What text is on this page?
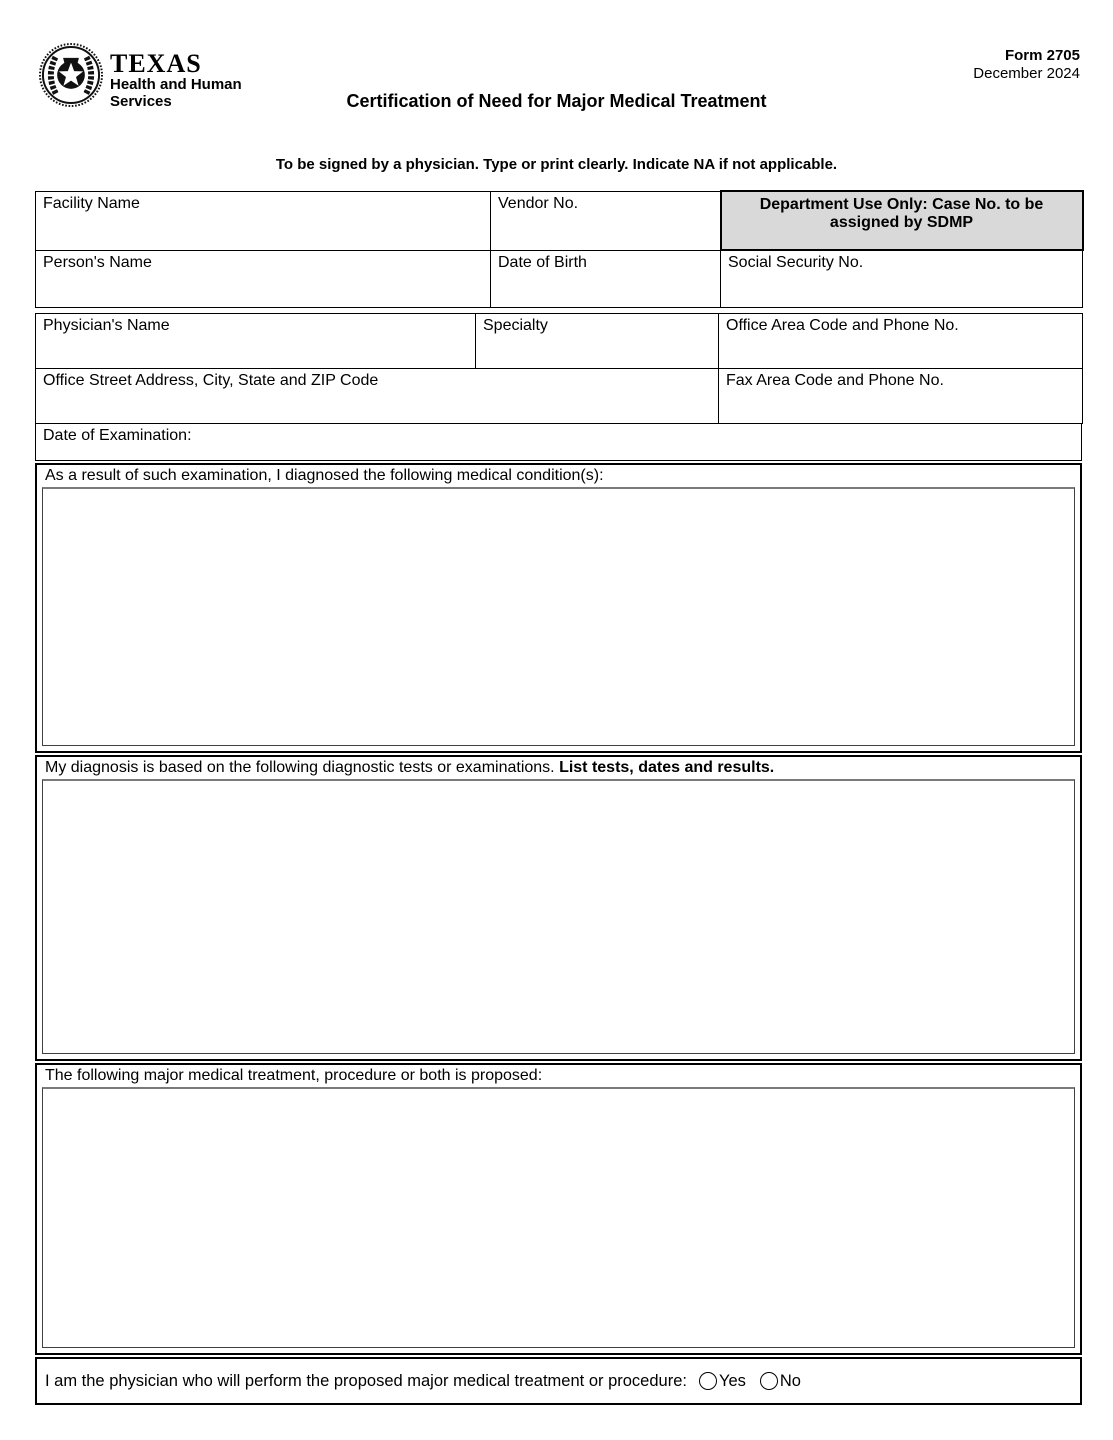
TEXAS
Health and Human
Services
Form 2705
December 2024
Certification of Need for Major Medical Treatment
To be signed by a physician. Type or print clearly. Indicate NA if not applicable.
Facility Name	Vendor No.	Department Use Only: Case No. to be assigned by SDMP
Person's Name	Date of Birth	Social Security No.
Physician's Name	Specialty	Office Area Code and Phone No.
Office Street Address, City, State and ZIP Code		Fax Area Code and Phone No.
Date of Examination:
As a result of such examination, I diagnosed the following medical condition(s):
My diagnosis is based on the following diagnostic tests or examinations. List tests, dates and results.
The following major medical treatment, procedure or both is proposed:
I am the physician who will perform the proposed major medical treatment or procedure: Yes No
